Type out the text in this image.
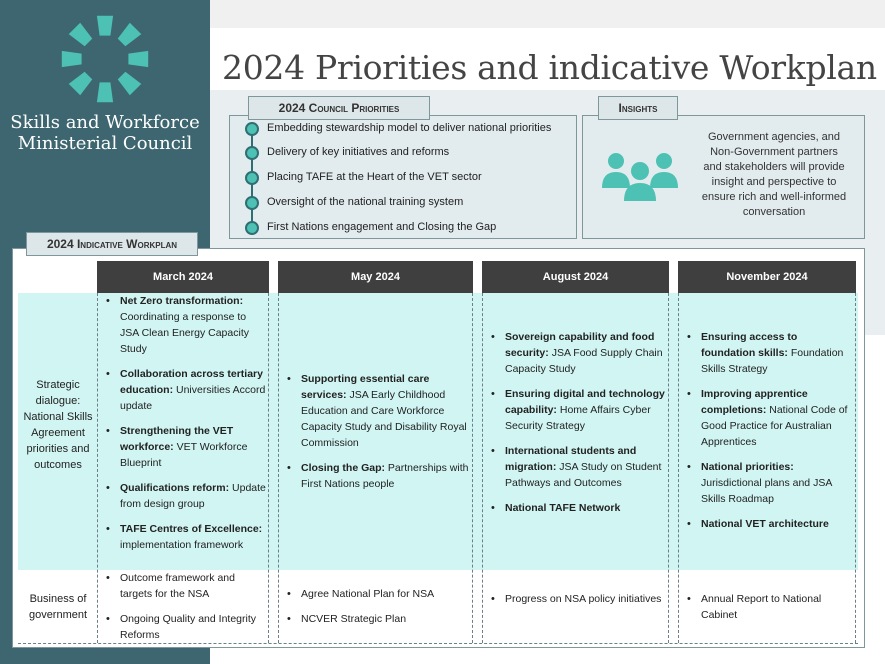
Skills and Workforce Ministerial Council
2024 Priorities and indicative Workplan
2024 Council Priorities
Embedding stewardship model to deliver national priorities
Delivery of key initiatives and reforms
Placing TAFE at the Heart of the VET sector
Oversight of the national training system
First Nations engagement and Closing the Gap
Insights
Government agencies, and Non-Government partners and stakeholders will provide insight and perspective to ensure rich and well-informed conversation
2024 Indicative Workplan
March 2024	May 2024	August 2024	November 2024
Strategic dialogue: National Skills Agreement priorities and outcomes
Business of government
• Net Zero transformation: Coordinating a response to JSA Clean Energy Capacity Study
• Collaboration across tertiary education: Universities Accord update
• Strengthening the VET workforce: VET Workforce Blueprint
• Qualifications reform: Update from design group
• TAFE Centres of Excellence: implementation framework
• Supporting essential care services: JSA Early Childhood Education and Care Workforce Capacity Study and Disability Royal Commission
• Closing the Gap: Partnerships with First Nations people
• Sovereign capability and food security: JSA Food Supply Chain Capacity Study
• Ensuring digital and technology capability: Home Affairs Cyber Security Strategy
• International students and migration: JSA Study on Student Pathways and Outcomes
• National TAFE Network
• Ensuring access to foundation skills: Foundation Skills Strategy
• Improving apprentice completions: National Code of Good Practice for Australian Apprentices
• National priorities: Jurisdictional plans and JSA Skills Roadmap
• National VET architecture
• Outcome framework and targets for the NSA
• Ongoing Quality and Integrity Reforms
• Agree National Plan for NSA
• NCVER Strategic Plan
• Progress on NSA policy initiatives
•	Annual Report to National Cabinet
